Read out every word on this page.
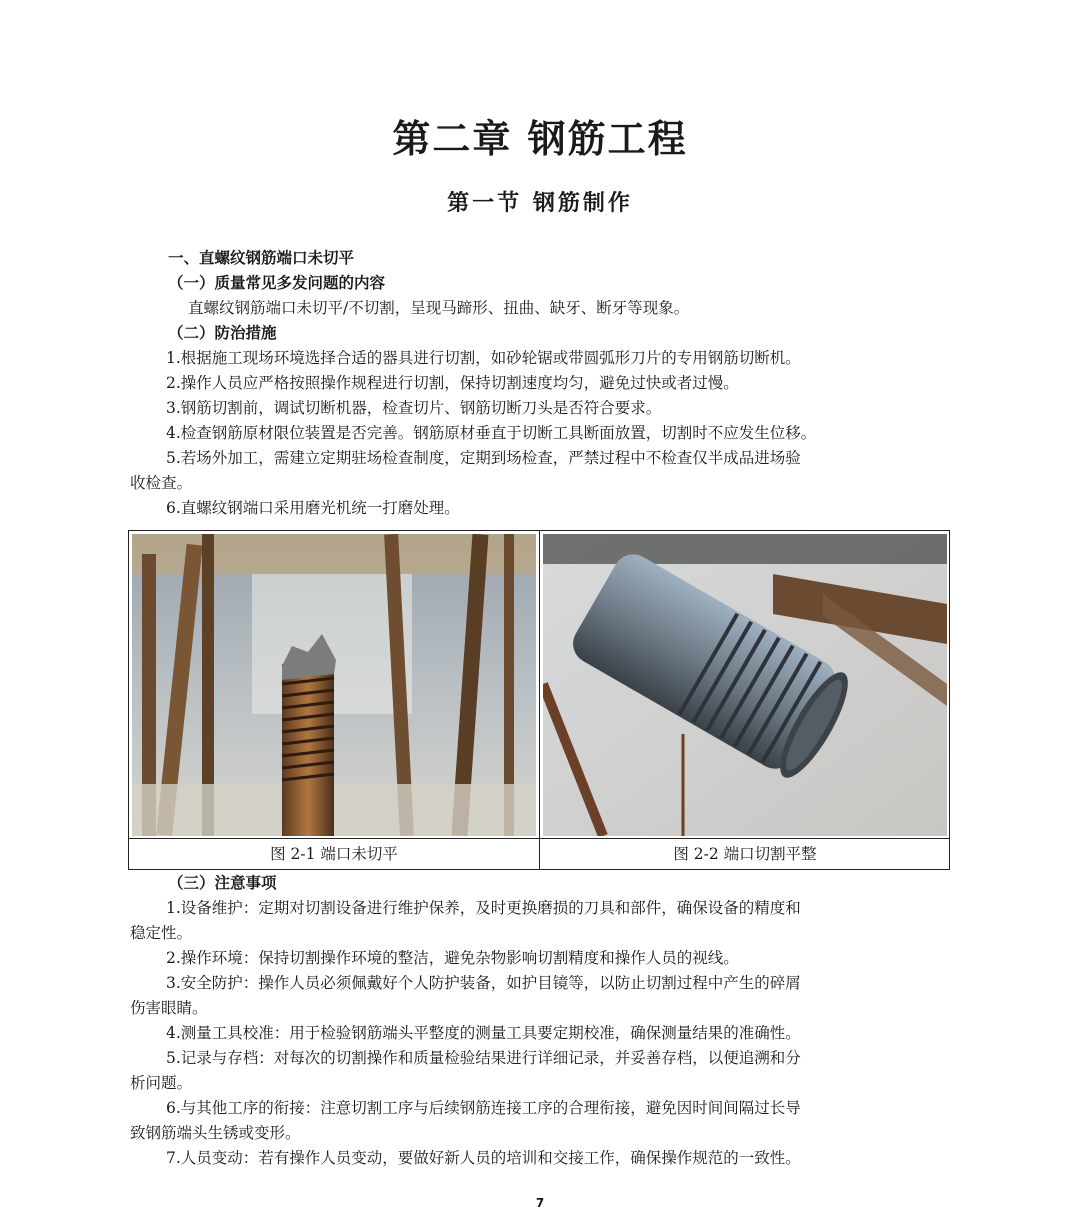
第二章 钢筋工程
第一节 钢筋制作
一、直螺纹钢筋端口未切平
（一）质量常见多发问题的内容
直螺纹钢筋端口未切平/不切割，呈现马蹄形、扭曲、缺牙、断牙等现象。
（二）防治措施
1.根据施工现场环境选择合适的器具进行切割，如砂轮锯或带圆弧形刀片的专用钢筋切断机。
2.操作人员应严格按照操作规程进行切割，保持切割速度均匀，避免过快或者过慢。
3.钢筋切割前，调试切断机器，检查切片、钢筋切断刀头是否符合要求。
4.检查钢筋原材限位装置是否完善。钢筋原材垂直于切断工具断面放置，切割时不应发生位移。
5.若场外加工，需建立定期驻场检查制度，定期到场检查，严禁过程中不检查仅半成品进场验
收检查。
6.直螺纹钢端口采用磨光机统一打磨处理。
图 2-1 端口未切平	图 2-2 端口切割平整
（三）注意事项
1.设备维护：定期对切割设备进行维护保养，及时更换磨损的刀具和部件，确保设备的精度和
稳定性。
2.操作环境：保持切割操作环境的整洁，避免杂物影响切割精度和操作人员的视线。
3.安全防护：操作人员必须佩戴好个人防护装备，如护目镜等，以防止切割过程中产生的碎屑
伤害眼睛。
4.测量工具校准：用于检验钢筋端头平整度的测量工具要定期校准，确保测量结果的准确性。
5.记录与存档：对每次的切割操作和质量检验结果进行详细记录，并妥善存档，以便追溯和分
析问题。
6.与其他工序的衔接：注意切割工序与后续钢筋连接工序的合理衔接，避免因时间间隔过长导
致钢筋端头生锈或变形。
7.人员变动：若有操作人员变动，要做好新人员的培训和交接工作，确保操作规范的一致性。
7
